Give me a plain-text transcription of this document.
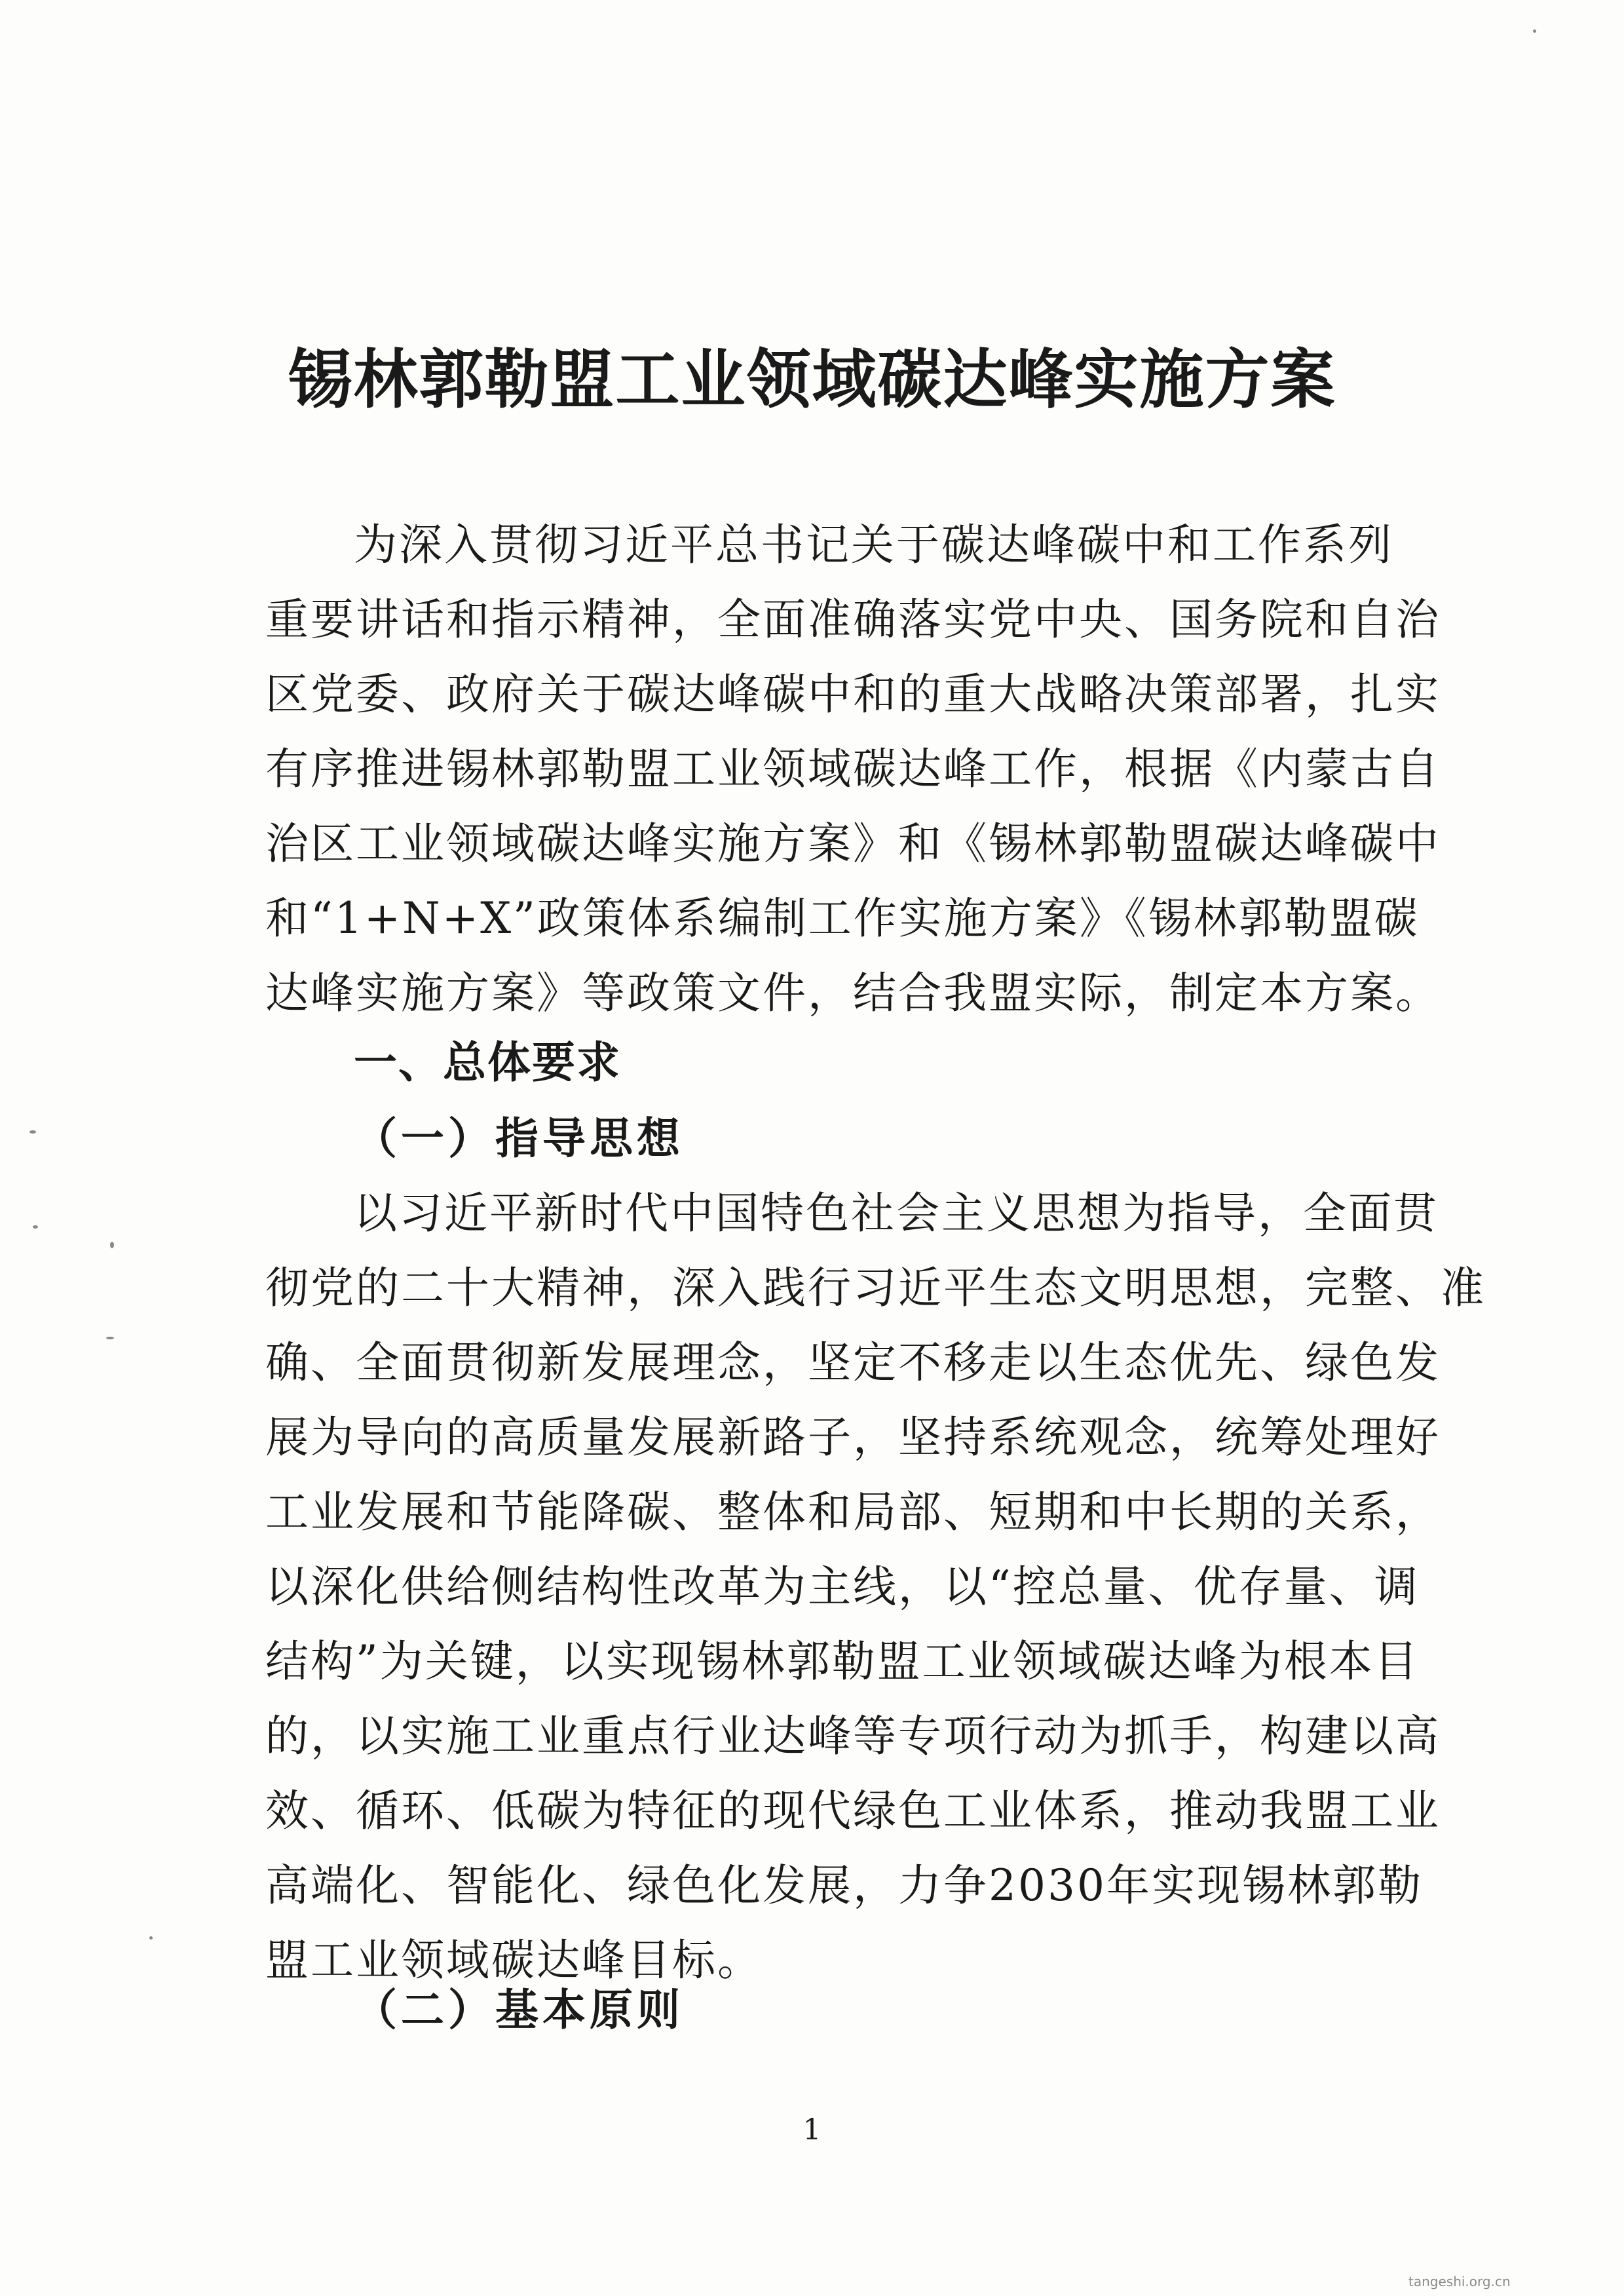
锡林郭勒盟工业领域碳达峰实施方案
为深入贯彻习近平总书记关于碳达峰碳中和工作系列
重要讲话和指示精神，全面准确落实党中央、国务院和自治
区党委、政府关于碳达峰碳中和的重大战略决策部署，扎实
有序推进锡林郭勒盟工业领域碳达峰工作，根据《内蒙古自
治区工业领域碳达峰实施方案》和《锡林郭勒盟碳达峰碳中
和“1+N+X”政策体系编制工作实施方案》《锡林郭勒盟碳
达峰实施方案》等政策文件，结合我盟实际，制定本方案。
一、总体要求
（一）指导思想
以习近平新时代中国特色社会主义思想为指导，全面贯
彻党的二十大精神，深入践行习近平生态文明思想，完整、准
确、全面贯彻新发展理念，坚定不移走以生态优先、绿色发
展为导向的高质量发展新路子，坚持系统观念，统筹处理好
工业发展和节能降碳、整体和局部、短期和中长期的关系，
以深化供给侧结构性改革为主线，以“控总量、优存量、调
结构”为关键，以实现锡林郭勒盟工业领域碳达峰为根本目
的，以实施工业重点行业达峰等专项行动为抓手，构建以高
效、循环、低碳为特征的现代绿色工业体系，推动我盟工业
高端化、智能化、绿色化发展，力争2030年实现锡林郭勒
盟工业领域碳达峰目标。
（二）基本原则
1
tangeshi.org.cn
